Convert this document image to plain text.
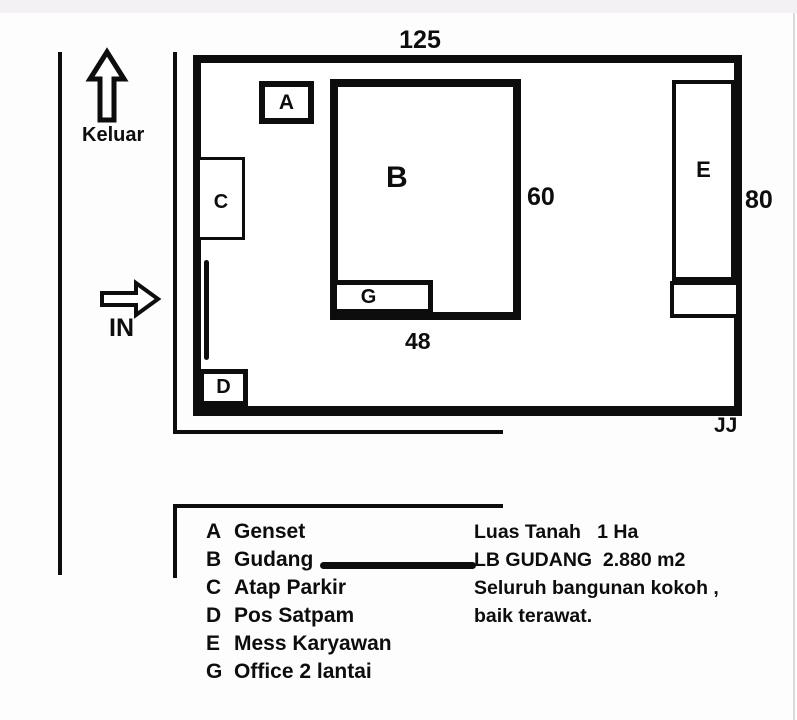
Keluar
IN
125
A
B
G
C
D
E
60	80
48
JJ
A Genset
B Gudang
C Atap Parkir
D Pos Satpam
E Mess Karyawan
G Office 2 lantai
Luas Tanah   1 Ha
LB GUDANG  2.880 m2
Seluruh bangunan kokoh ,
baik terawat.
